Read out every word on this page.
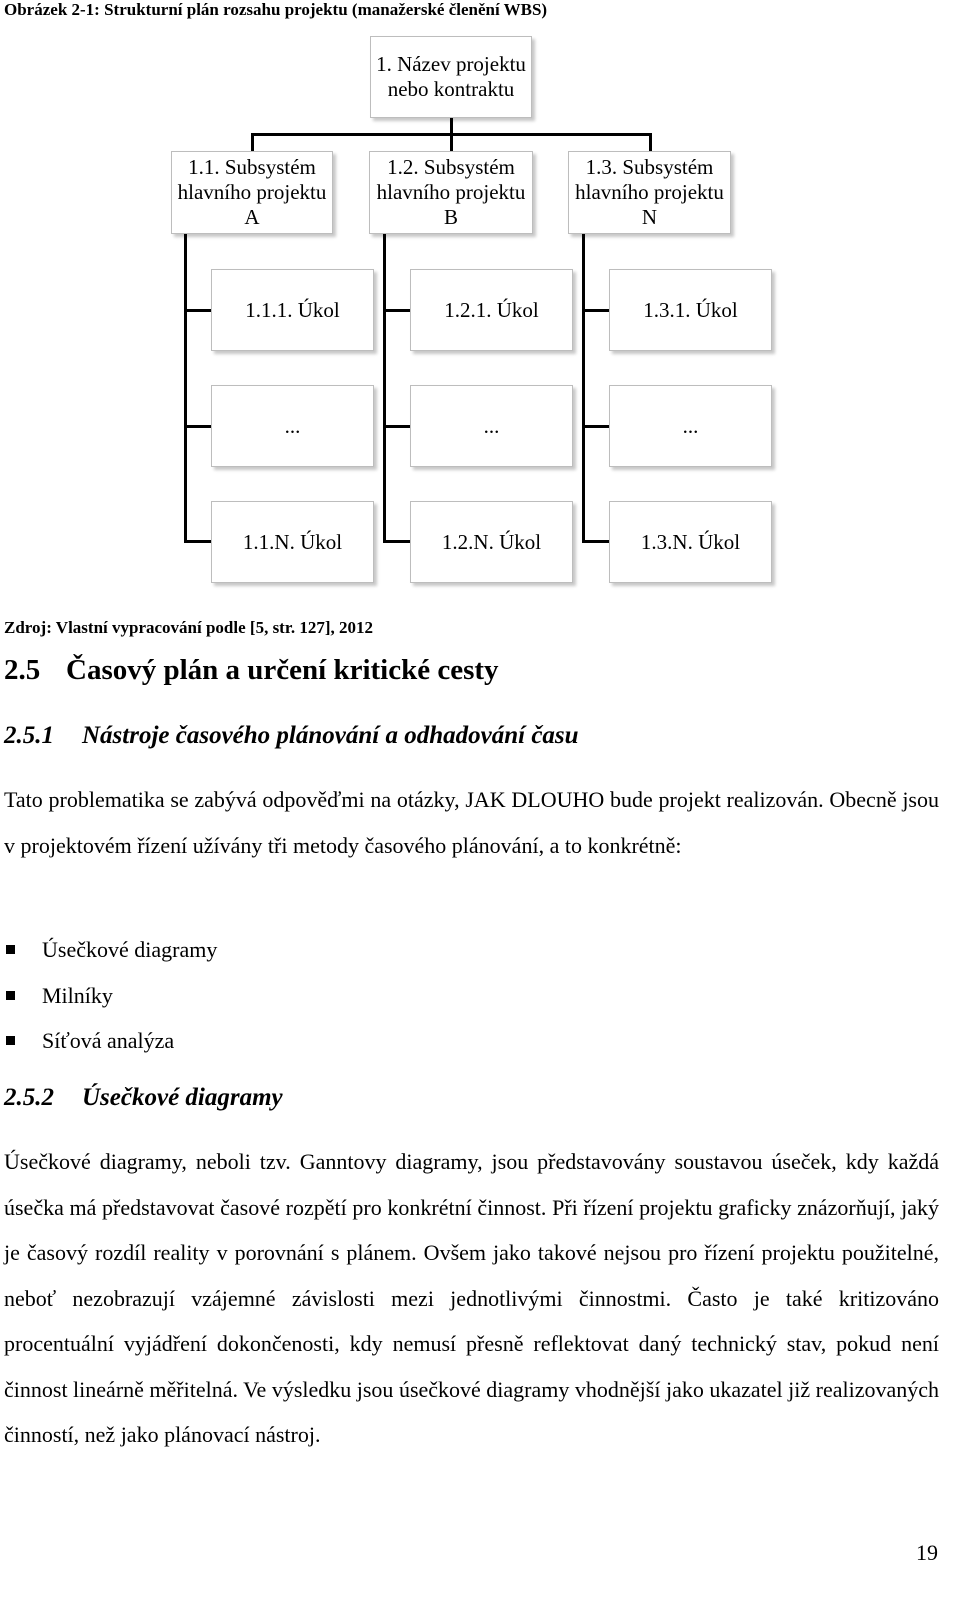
Obrázek 2-1: Strukturní plán rozsahu projektu (manažerské členění WBS)
1. Název projektu nebo kontraktu
1.1. Subsystém hlavního projektu A
1.2. Subsystém hlavního projektu B
1.3. Subsystém hlavního projektu N
1.1.1. Úkol	1.2.1. Úkol	1.3.1. Úkol
...	...	...
1.1.N. Úkol	1.2.N. Úkol	1.3.N. Úkol
Zdroj: Vlastní vypracování podle [5, str. 127], 2012
2.5 Časový plán a určení kritické cesty
2.5.1 Nástroje časového plánování a odhadování času
Tato problematika se zabývá odpověďmi na otázky, JAK DLOUHO bude projekt realizován. Obecně jsou v projektovém řízení užívány tři metody časového plánování, a to konkrétně:
Úsečkové diagramy
Milníky
Síťová analýza
2.5.2 Úsečkové diagramy
Úsečkové diagramy, neboli tzv. Ganntovy diagramy, jsou představovány soustavou úseček, kdy každá úsečka má představovat časové rozpětí pro konkrétní činnost. Při řízení projektu graficky znázorňují, jaký je časový rozdíl reality v porovnání s plánem. Ovšem jako takové nejsou pro řízení projektu použitelné, neboť nezobrazují vzájemné závislosti mezi jednotlivými činnostmi. Často je také kritizováno procentuální vyjádření dokončenosti, kdy nemusí přesně reflektovat daný technický stav, pokud není činnost lineárně měřitelná. Ve výsledku jsou úsečkové diagramy vhodnější jako ukazatel již realizovaných činností, než jako plánovací nástroj.
19
